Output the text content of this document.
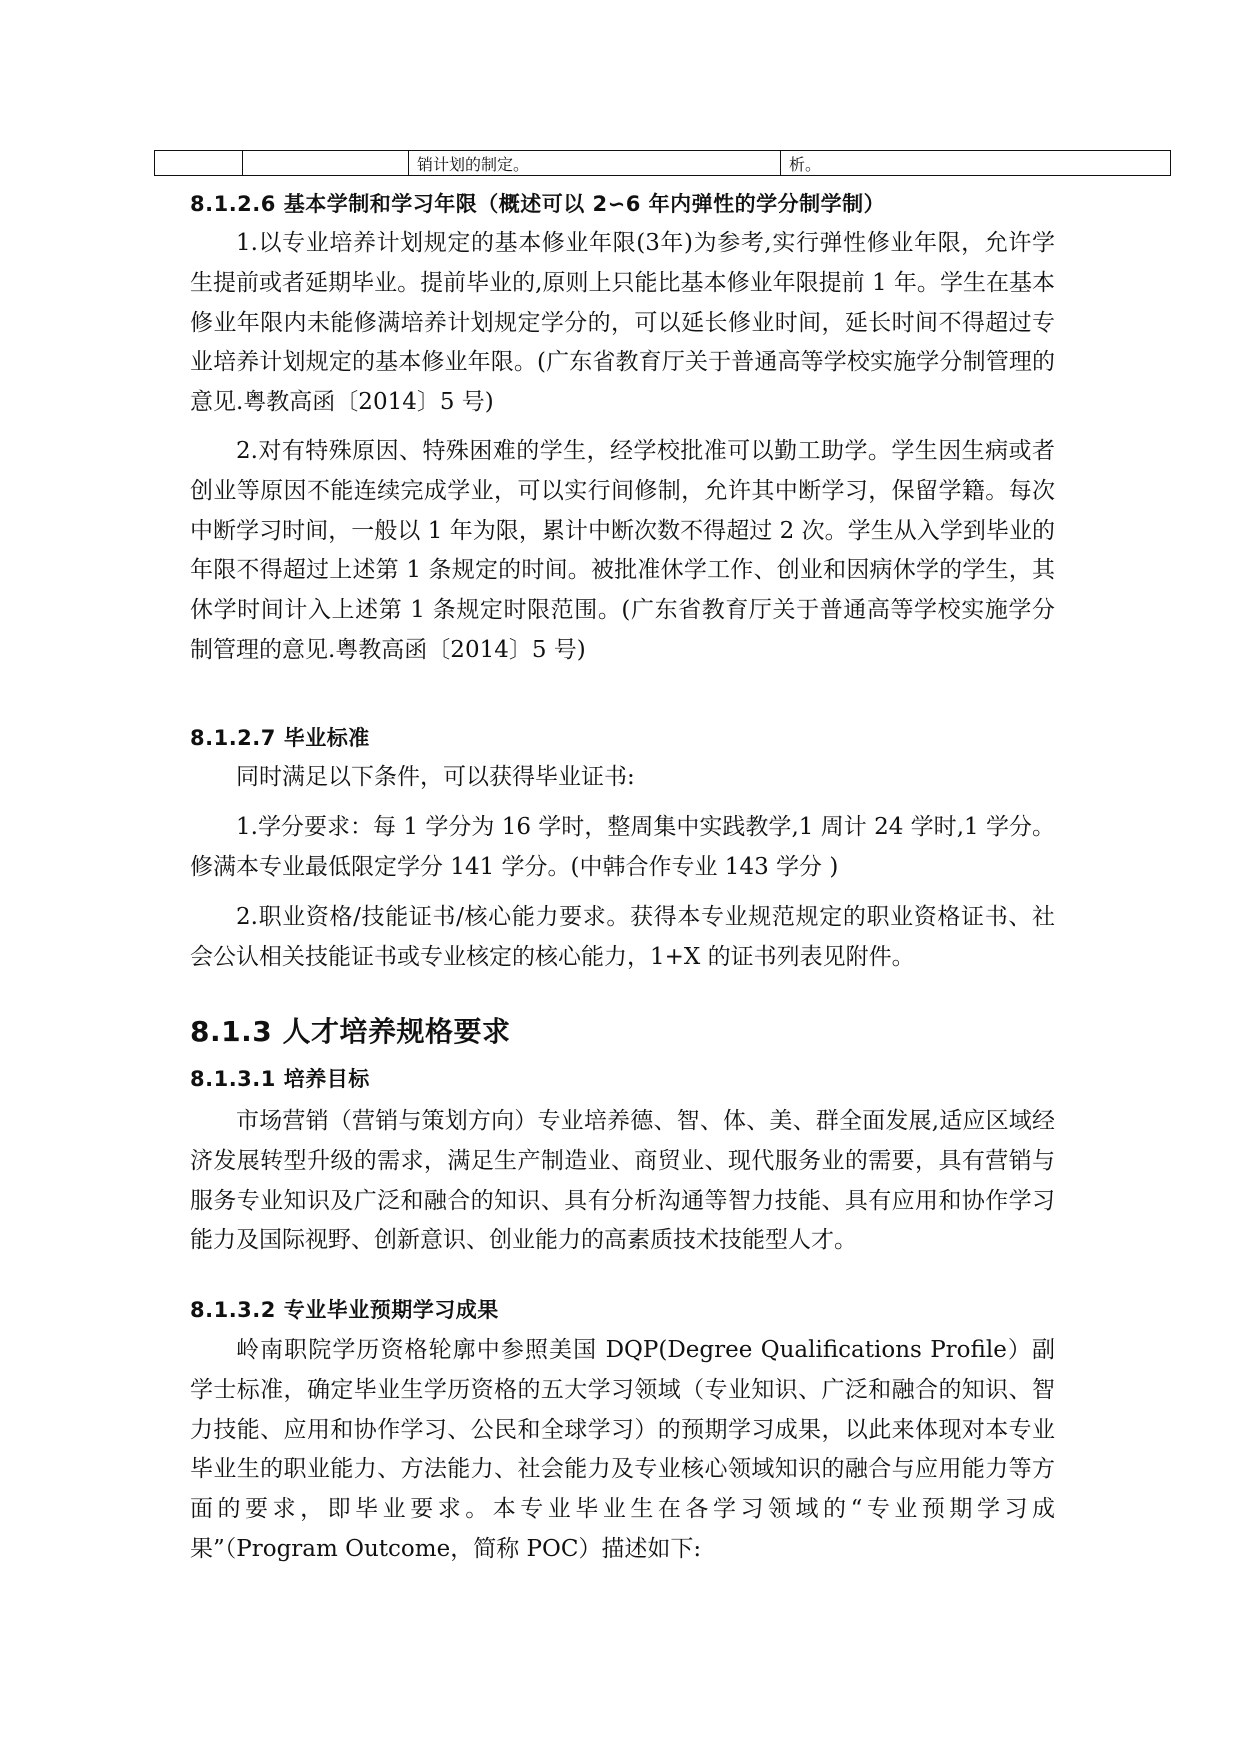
		销计划的制定。	析。
8.1.2.6 基本学制和学习年限（概述可以 2∽6 年内弹性的学分制学制）

1.以专业培养计划规定的基本修业年限(3年)为参考,实行弹性修业年限，允许学生提前或者延期毕业。提前毕业的,原则上只能比基本修业年限提前 1 年。学生在基本修业年限内未能修满培养计划规定学分的，可以延长修业时间，延长时间不得超过专业培养计划规定的基本修业年限。(广东省教育厅关于普通高等学校实施学分制管理的意见.粤教高函〔2014〕5 号)

2.对有特殊原因、特殊困难的学生，经学校批准可以勤工助学。学生因生病或者创业等原因不能连续完成学业，可以实行间修制，允许其中断学习，保留学籍。每次中断学习时间，一般以 1 年为限，累计中断次数不得超过 2 次。学生从入学到毕业的年限不得超过上述第 1 条规定的时间。被批准休学工作、创业和因病休学的学生，其休学时间计入上述第 1 条规定时限范围。(广东省教育厅关于普通高等学校实施学分制管理的意见.粤教高函〔2014〕5 号)

8.1.2.7 毕业标准

同时满足以下条件，可以获得毕业证书:

1.学分要求：每 1 学分为 16 学时，整周集中实践教学,1 周计 24 学时,1 学分。修满本专业最低限定学分 141 学分。(中韩合作专业 143 学分 )

2.职业资格/技能证书/核心能力要求。获得本专业规范规定的职业资格证书、社会公认相关技能证书或专业核定的核心能力，1+X 的证书列表见附件。

8.1.3 人才培养规格要求
8.1.3.1 培养目标

市场营销（营销与策划方向）专业培养德、智、体、美、群全面发展,适应区域经济发展转型升级的需求，满足生产制造业、商贸业、现代服务业的需要，具有营销与服务专业知识及广泛和融合的知识、具有分析沟通等智力技能、具有应用和协作学习能力及国际视野、创新意识、创业能力的高素质技术技能型人才。

8.1.3.2 专业毕业预期学习成果

岭南职院学历资格轮廓中参照美国 DQP(Degree Qualifications Profile）副学士标准，确定毕业生学历资格的五大学习领域（专业知识、广泛和融合的知识、智力技能、应用和协作学习、公民和全球学习）的预期学习成果，以此来体现对本专业毕业生的职业能力、方法能力、社会能力及专业核心领域知识的融合与应用能力等方面的要求，即毕业要求。本专业毕业生在各学习领域的“专业预期学习成果”（Program Outcome，简称 POC）描述如下:
